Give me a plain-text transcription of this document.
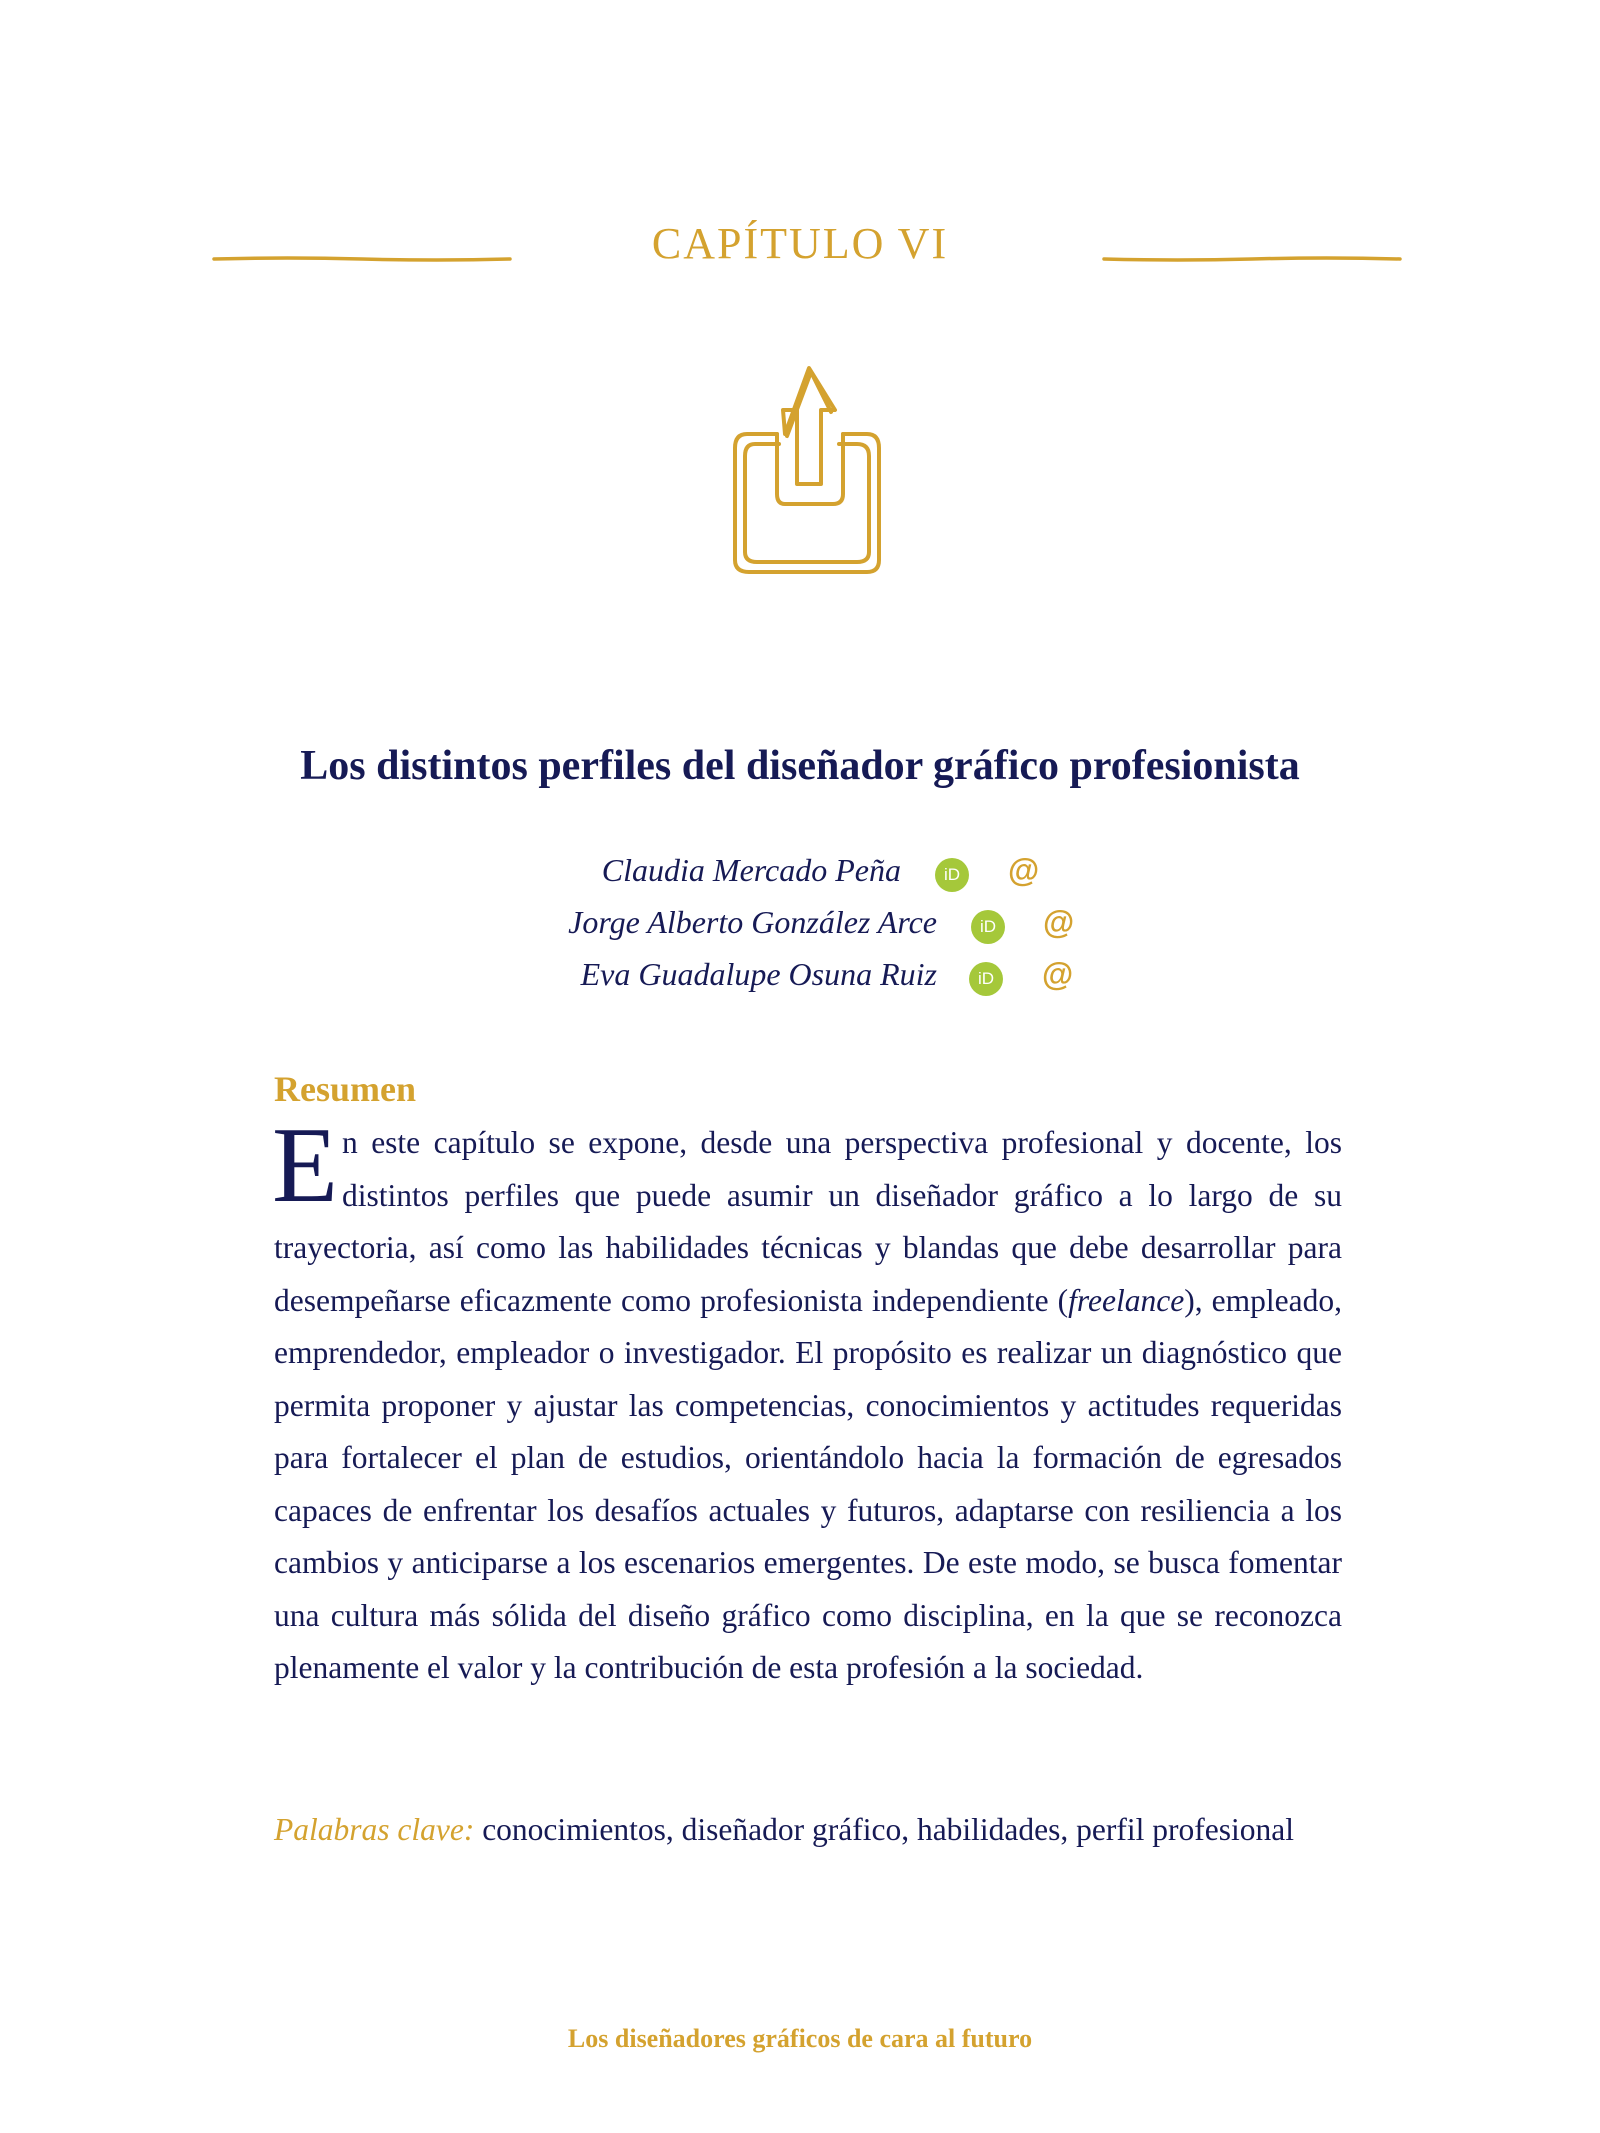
CAPÍTULO VI
Los distintos perfiles del diseñador gráfico profesionista
Claudia Mercado Peña	iD @
Jorge Alberto González Arce	iD @
Eva Guadalupe Osuna Ruiz	iD @
Resumen
En este capítulo se expone, desde una perspectiva profesional y docente, los distintos perfiles que puede asumir un diseñador gráfico a lo largo de su trayectoria, así como las habilidades técnicas y blandas que debe desarrollar para desempeñarse eficazmente como profesionista independiente (freelance), empleado, emprendedor, empleador o investigador. El propósito es realizar un diagnóstico que permita proponer y ajustar las competencias, conocimientos y actitudes requeridas para fortalecer el plan de estudios, orientándolo hacia la formación de egresados capaces de enfrentar los desafíos actuales y futuros, adaptarse con resiliencia a los cambios y anticiparse a los escenarios emergentes. De este modo, se busca fomentar una cultura más sólida del diseño gráfico como disciplina, en la que se reconozca plenamente el valor y la contribución de esta profesión a la sociedad.
Palabras clave: conocimientos, diseñador gráfico, habilidades, perfil profesional
Los diseñadores gráficos de cara al futuro
